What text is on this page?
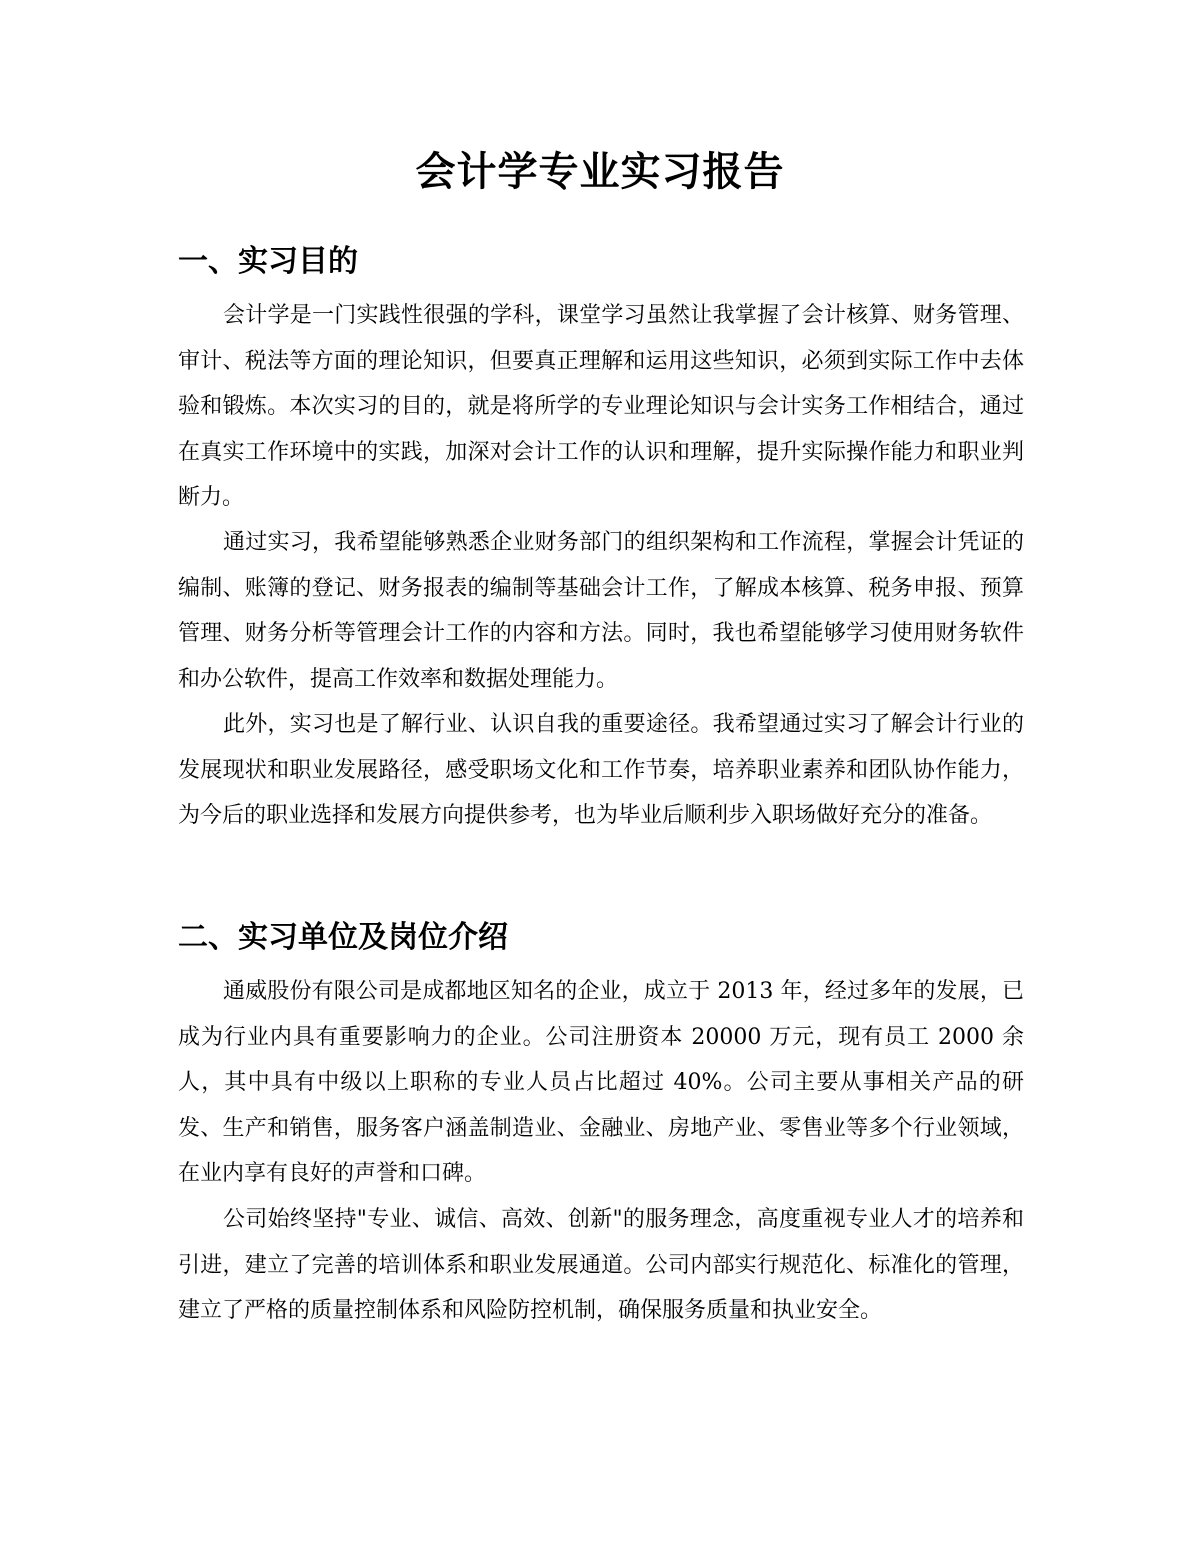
会计学专业实习报告
一、实习目的

会计学是一门实践性很强的学科，课堂学习虽然让我掌握了会计核算、财务管理、审计、税法等方面的理论知识，但要真正理解和运用这些知识，必须到实际工作中去体验和锻炼。本次实习的目的，就是将所学的专业理论知识与会计实务工作相结合，通过在真实工作环境中的实践，加深对会计工作的认识和理解，提升实际操作能力和职业判断力。

通过实习，我希望能够熟悉企业财务部门的组织架构和工作流程，掌握会计凭证的编制、账簿的登记、财务报表的编制等基础会计工作，了解成本核算、税务申报、预算管理、财务分析等管理会计工作的内容和方法。同时，我也希望能够学习使用财务软件和办公软件，提高工作效率和数据处理能力。

此外，实习也是了解行业、认识自我的重要途径。我希望通过实习了解会计行业的发展现状和职业发展路径，感受职场文化和工作节奏，培养职业素养和团队协作能力，为今后的职业选择和发展方向提供参考，也为毕业后顺利步入职场做好充分的准备。

二、实习单位及岗位介绍

通威股份有限公司是成都地区知名的企业，成立于 2013 年，经过多年的发展，已成为行业内具有重要影响力的企业。公司注册资本 20000 万元，现有员工 2000 余人，其中具有中级以上职称的专业人员占比超过 40%。公司主要从事相关产品的研发、生产和销售，服务客户涵盖制造业、金融业、房地产业、零售业等多个行业领域，在业内享有良好的声誉和口碑。

公司始终坚持"专业、诚信、高效、创新"的服务理念，高度重视专业人才的培养和引进，建立了完善的培训体系和职业发展通道。公司内部实行规范化、标准化的管理，建立了严格的质量控制体系和风险防控机制，确保服务质量和执业安全。
